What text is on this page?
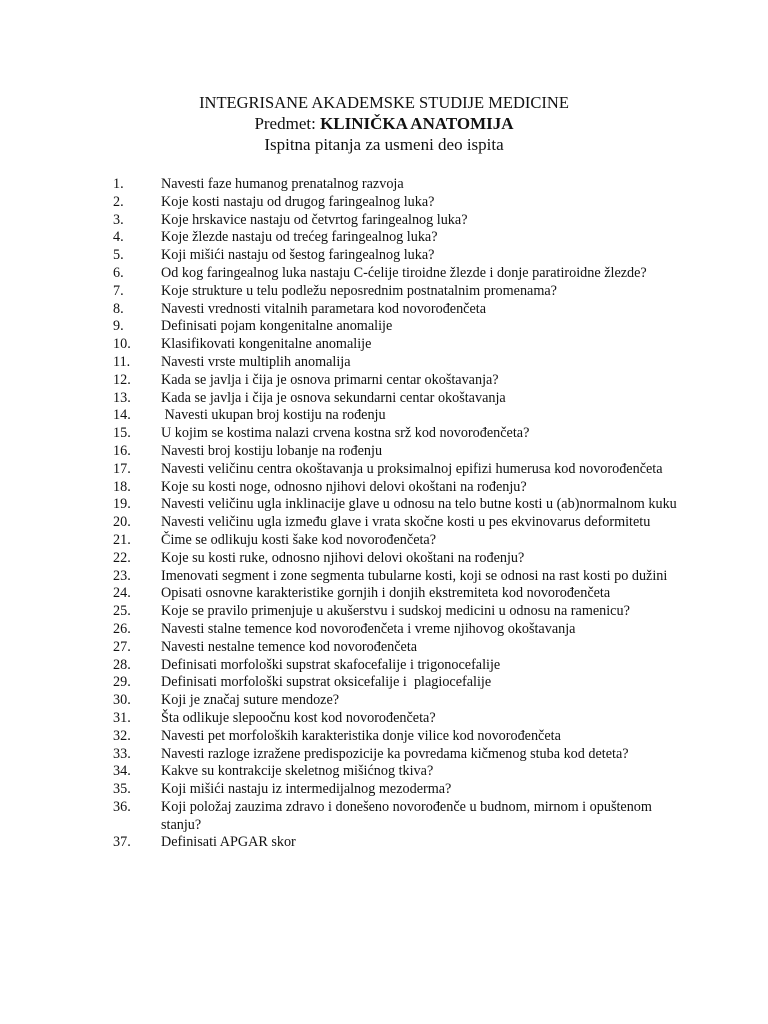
INTEGRISANE AKADEMSKE STUDIJE MEDICINE
Predmet: KLINIČKA ANATOMIJA
Ispitna pitanja za usmeni deo ispita
1.	Navesti faze humanog prenatalnog razvoja
2.	Koje kosti nastaju od drugog faringealnog luka?
3.	Koje hrskavice nastaju od četvrtog faringealnog luka?
4.	Koje žlezde nastaju od trećeg faringealnog luka?
5.	Koji mišići nastaju od šestog faringealnog luka?
6.	Od kog faringealnog luka nastaju C-ćelije tiroidne žlezde i donje paratiroidne žlezde?
7.	Koje strukture u telu podležu neposrednim postnatalnim promenama?
8.	Navesti vrednosti vitalnih parametara kod novorođenčeta
9.	Definisati pojam kongenitalne anomalije
10.	Klasifikovati kongenitalne anomalije
11.	Navesti vrste multiplih anomalija
12.	Kada se javlja i čija je osnova primarni centar okoštavanja?
13.	Kada se javlja i čija je osnova sekundarni centar okoštavanja
14.	Navesti ukupan broj kostiju na rođenju
15.	U kojim se kostima nalazi crvena kostna srž kod novorođenčeta?
16.	Navesti broj kostiju lobanje na rođenju
17.	Navesti veličinu centra okoštavanja u proksimalnoj epifizi humerusa kod novorođenčeta
18.	Koje su kosti noge, odnosno njihovi delovi okoštani na rođenju?
19.	Navesti veličinu ugla inklinacije glave u odnosu na telo butne kosti u (ab)normalnom kuku
20.	Navesti veličinu ugla između glave i vrata skočne kosti u pes ekvinovarus deformitetu
21.	Čime se odlikuju kosti šake kod novorođenčeta?
22.	Koje su kosti ruke, odnosno njihovi delovi okoštani na rođenju?
23.	Imenovati segment i zone segmenta tubularne kosti, koji se odnosi na rast kosti po dužini
24.	Opisati osnovne karakteristike gornjih i donjih ekstremiteta kod novorođenčeta
25.	Koje se pravilo primenjuje u akušerstvu i sudskoj medicini u odnosu na ramenicu?
26.	Navesti stalne temence kod novorođenčeta i vreme njihovog okoštavanja
27.	Navesti nestalne temence kod novorođenčeta
28.	Definisati morfološki supstrat skafocefalije i trigonocefalije
29.	Definisati morfološki supstrat oksicefalije i  plagiocefalije
30.	Koji je značaj suture mendoze?
31.	Šta odlikuje slepoočnu kost kod novorođenčeta?
32.	Navesti pet morfoloških karakteristika donje vilice kod novorođenčeta
33.	Navesti razloge izražene predispozicije ka povredama kičmenog stuba kod deteta?
34.	Kakve su kontrakcije skeletnog mišićnog tkiva?
35.	Koji mišići nastaju iz intermedijalnog mezoderma?
36.	Koji položaj zauzima zdravo i donešeno novorođenče u budnom, mirnom i opuštenom stanju?
37.	Definisati APGAR skor
